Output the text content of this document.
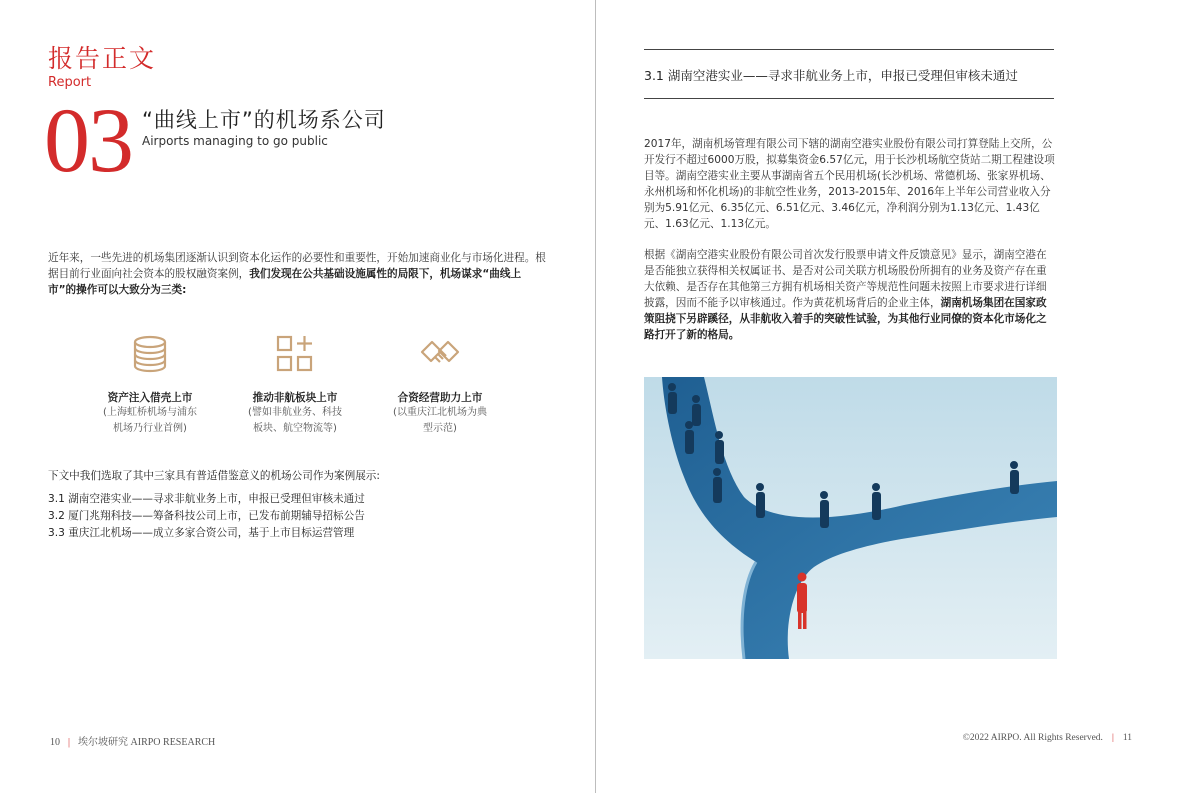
报告正文
Report
03 “曲线上市”的机场系公司
Airports managing to go public
近年来，一些先进的机场集团逐渐认识到资本化运作的必要性和重要性，开始加速商业化与市场化进程。根据目前行业面向社会资本的股权融资案例，我们发现在公共基础设施属性的局限下，机场谋求“曲线上市”的操作可以大致分为三类:
资产注入借壳上市
(上海虹桥机场与浦东
机场乃行业首例)
推动非航板块上市
(譬如非航业务、科技
板块、航空物流等)
合资经营助力上市
(以重庆江北机场为典
型示范)
下文中我们选取了其中三家具有普适借鉴意义的机场公司作为案例展示:
3.1 湖南空港实业——寻求非航业务上市，申报已受理但审核未通过
3.2 厦门兆翔科技——筹备科技公司上市，已发布前期辅导招标公告
3.3 重庆江北机场——成立多家合资公司，基于上市目标运营管理
10 | 埃尔坡研究 AIRPO RESEARCH
3.1 湖南空港实业——寻求非航业务上市，申报已受理但审核未通过
2017年，湖南机场管理有限公司下辖的湖南空港实业股份有限公司打算登陆上交所，公开发行不超过6000万股，拟募集资金6.57亿元，用于长沙机场航空货站二期工程建设项目等。湖南空港实业主要从事湖南省五个民用机场(长沙机场、常德机场、张家界机场、永州机场和怀化机场)的非航空性业务，2013-2015年、2016年上半年公司营业收入分别为5.91亿元、6.35亿元、6.51亿元、3.46亿元，净利润分别为1.13亿元、1.43亿元、1.63亿元、1.13亿元。
根据《湖南空港实业股份有限公司首次发行股票申请文件反馈意见》显示，湖南空港在是否能独立获得相关权属证书、是否对公司关联方机场股份所拥有的业务及资产存在重大依赖、是否存在其他第三方拥有机场相关资产等规范性问题未按照上市要求进行详细披露，因而不能予以审核通过。作为黄花机场背后的企业主体，湖南机场集团在国家政策阻挠下另辟蹊径，从非航收入着手的突破性试验，为其他行业同僚的资本化市场化之路打开了新的格局。
©2022 AIRPO. All Rights Reserved. | 11
